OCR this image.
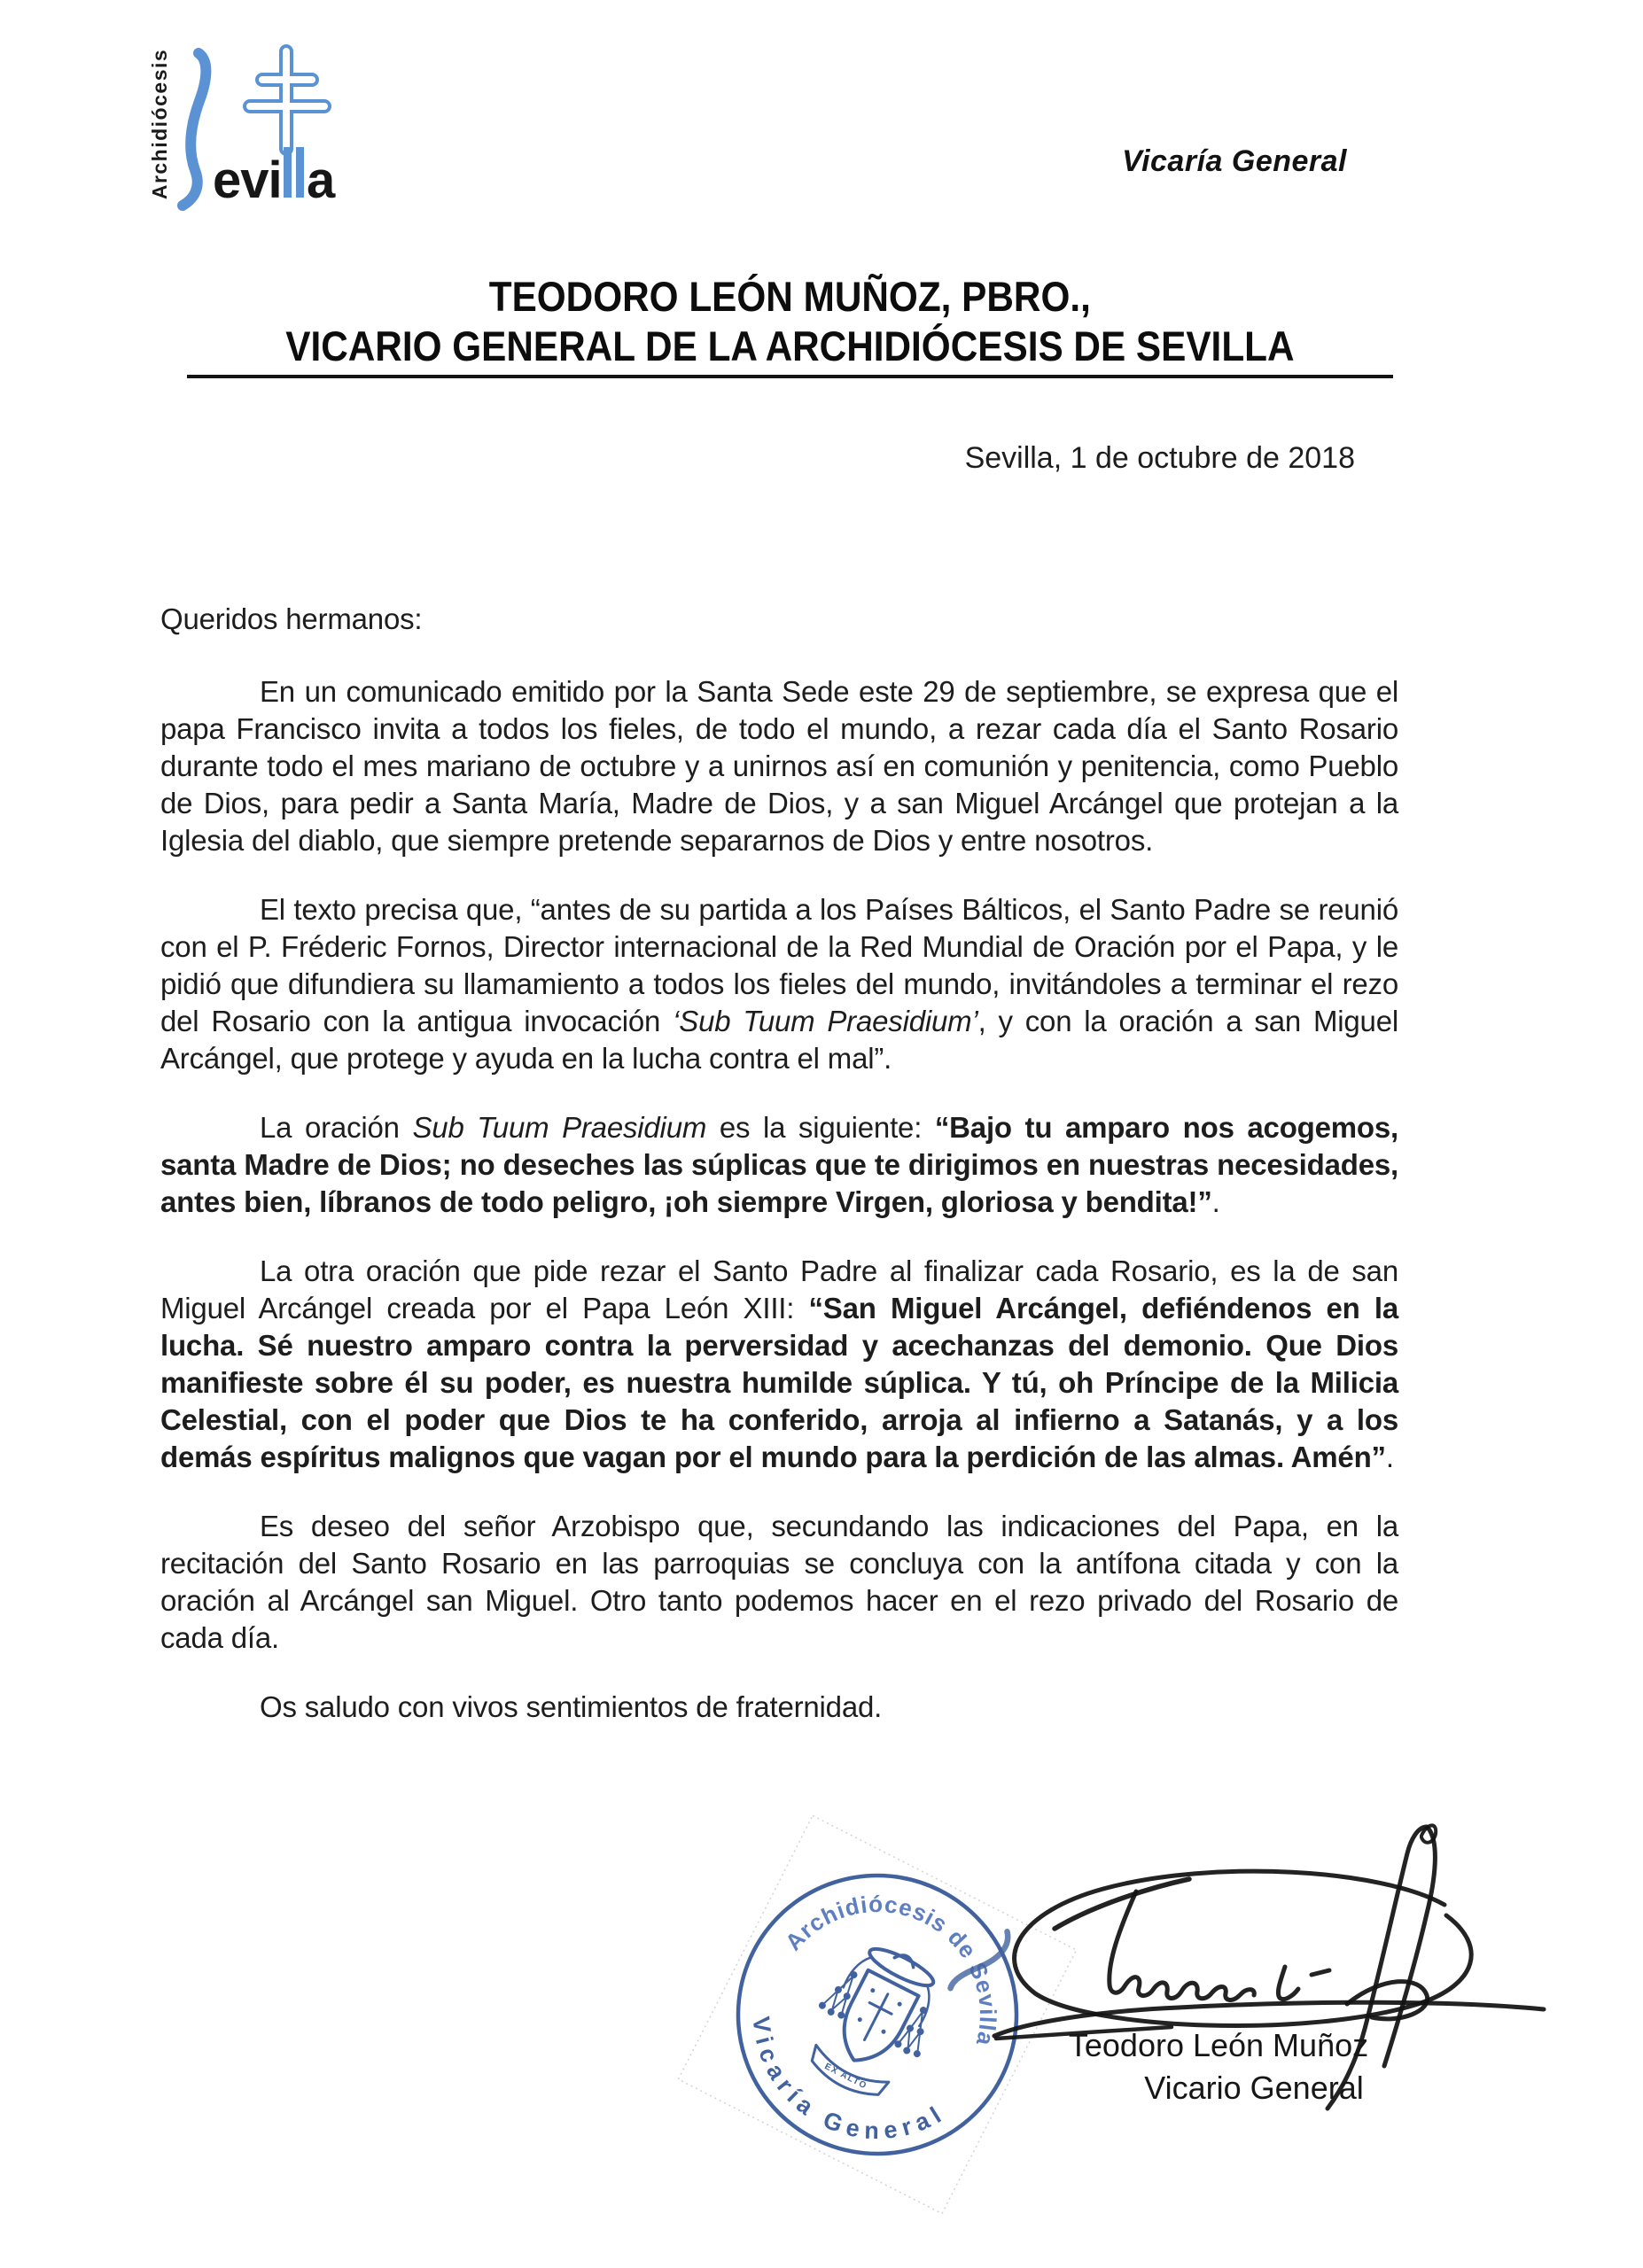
Archidiócesis evi a	Vicaría General
TEODORO LEÓN MUÑOZ, PBRO.,
VICARIO GENERAL DE LA ARCHIDIÓCESIS DE SEVILLA
Sevilla, 1 de octubre de 2018

Queridos hermanos:

En un comunicado emitido por la Santa Sede este 29 de septiembre, se expresa que el papa Francisco invita a todos los fieles, de todo el mundo, a rezar cada día el Santo Rosario durante todo el mes mariano de octubre y a unirnos así en comunión y penitencia, como Pueblo de Dios, para pedir a Santa María, Madre de Dios, y a san Miguel Arcángel que protejan a la Iglesia del diablo, que siempre pretende separarnos de Dios y entre nosotros.

El texto precisa que, “antes de su partida a los Países Bálticos, el Santo Padre se reunió con el P. Fréderic Fornos, Director internacional de la Red Mundial de Oración por el Papa, y le pidió que difundiera su llamamiento a todos los fieles del mundo, invitándoles a terminar el rezo del Rosario con la antigua invocación ‘Sub Tuum Praesidium’, y con la oración a san Miguel Arcángel, que protege y ayuda en la lucha contra el mal”.

La oración Sub Tuum Praesidium es la siguiente: “Bajo tu amparo nos acogemos, santa Madre de Dios; no deseches las súplicas que te dirigimos en nuestras necesidades, antes bien, líbranos de todo peligro, ¡oh siempre Virgen, gloriosa y bendita!”.

La otra oración que pide rezar el Santo Padre al finalizar cada Rosario, es la de san Miguel Arcángel creada por el Papa León XIII: “San Miguel Arcángel, defiéndenos en la lucha. Sé nuestro amparo contra la perversidad y acechanzas del demonio. Que Dios manifieste sobre él su poder, es nuestra humilde súplica. Y tú, oh Príncipe de la Milicia Celestial, con el poder que Dios te ha conferido, arroja al infierno a Satanás, y a los demás espíritus malignos que vagan por el mundo para la perdición de las almas. Amén”.

Es deseo del señor Arzobispo que, secundando las indicaciones del Papa, en la recitación del Santo Rosario en las parroquias se concluya con la antífona citada y con la oración al Arcángel san Miguel. Otro tanto podemos hacer en el rezo privado del Rosario de cada día.

Os saludo con vivos sentimientos de fraternidad.

Archidiócesis de Sevilla
Vicaría General
EX ALTO
Teodoro León Muñoz
Vicario General
